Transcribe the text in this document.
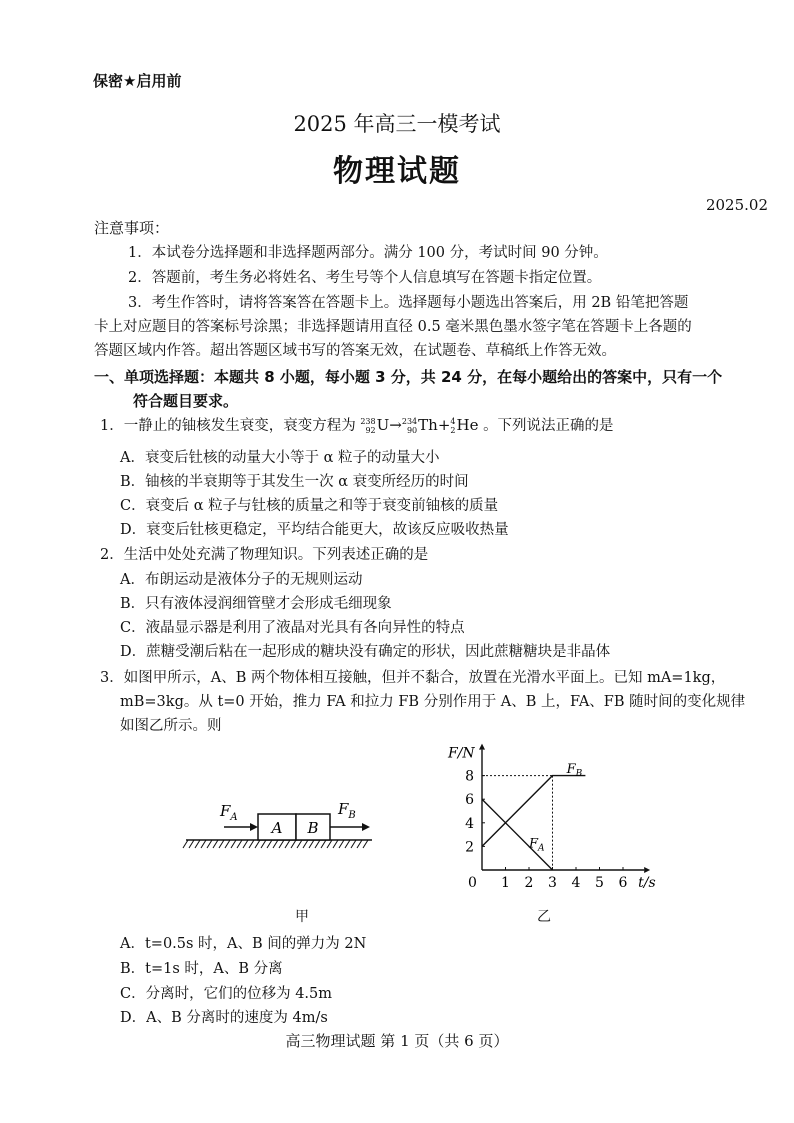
保密★启用前
2025 年高三一模考试
物理试题
2025.02
注意事项：
1．本试卷分选择题和非选择题两部分。满分 100 分，考试时间 90 分钟。
2．答题前，考生务必将姓名、考生号等个人信息填写在答题卡指定位置。
3．考生作答时，请将答案答在答题卡上。选择题每小题选出答案后，用 2B 铅笔把答题
卡上对应题目的答案标号涂黑；非选择题请用直径 0.5 毫米黑色墨水签字笔在答题卡上各题的
答题区域内作答。超出答题区域书写的答案无效，在试题卷、草稿纸上作答无效。
一、单项选择题：本题共 8 小题，每小题 3 分，共 24 分，在每小题给出的答案中，只有一个
符合题目要求。
1．一静止的铀核发生衰变，衰变方程为 238
92 U→ 234
90 Th+ 4
2 He 。下列说法正确的是
A．衰变后钍核的动量大小等于 α 粒子的动量大小
B．铀核的半衰期等于其发生一次 α 衰变所经历的时间
C．衰变后 α 粒子与钍核的质量之和等于衰变前铀核的质量
D．衰变后钍核更稳定，平均结合能更大，故该反应吸收热量
2．生活中处处充满了物理知识。下列表述正确的是
A．布朗运动是液体分子的无规则运动
B．只有液体浸润细管壁才会形成毛细现象
C．液晶显示器是利用了液晶对光具有各向异性的特点
D．蔗糖受潮后粘在一起形成的糖块没有确定的形状，因此蔗糖糖块是非晶体
3．如图甲所示，A、B 两个物体相互接触，但并不黏合，放置在光滑水平面上。已知 mA=1kg，
mB=3kg。从 t=0 开始，推力 FA 和拉力 FB 分别作用于 A、B 上，FA、FB 随时间的变化规律
如图乙所示。则
A B
$F_A$	$F_B$
甲
1 2 3 4 5 6
2
4
6
8
F/N
t/s
0
$F_B$
$F_A$
乙
A．t=0.5s 时，A、B 间的弹力为 2N
B．t=1s 时，A、B 分离
C．分离时，它们的位移为 4.5m
D．A、B 分离时的速度为 4m/s
高三物理试题 第 1 页（共 6 页）
